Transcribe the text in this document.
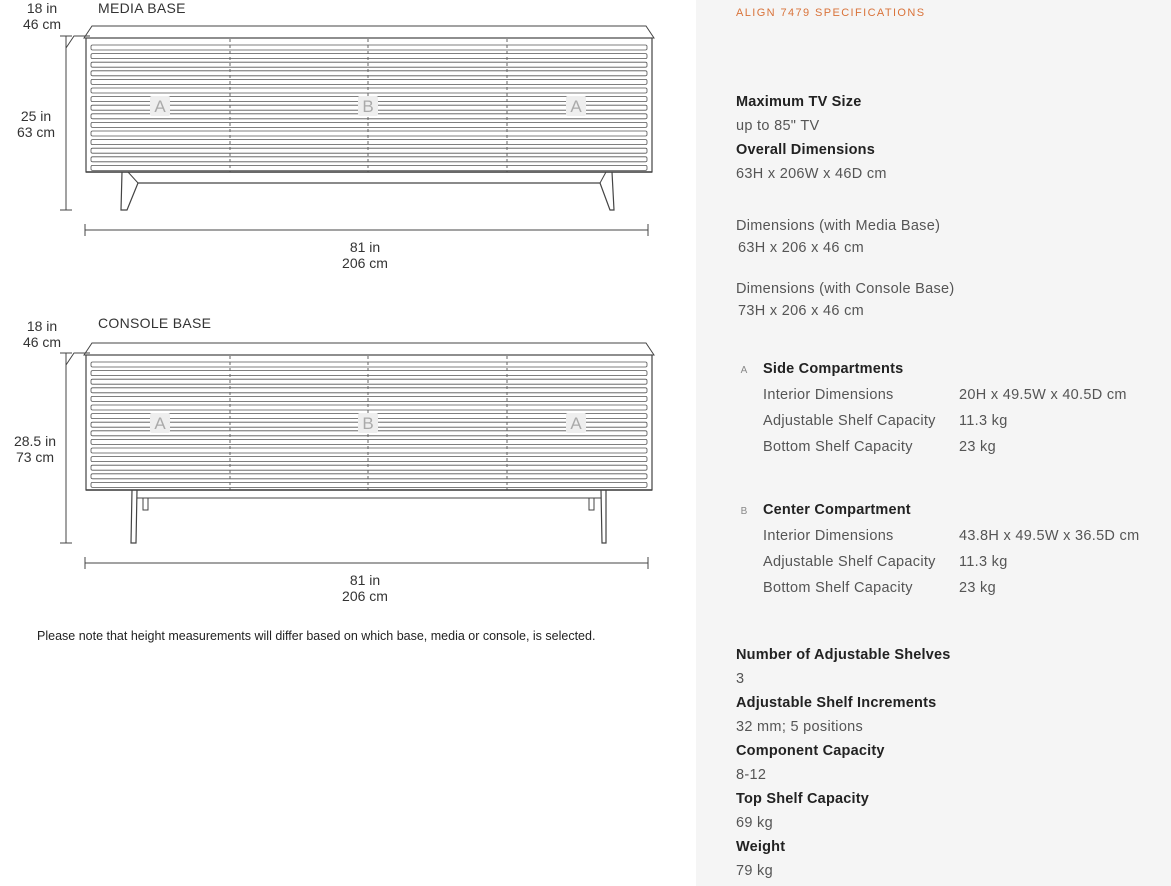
18 in
46 cm
MEDIA BASE
25 in
63 cm
81 in
206 cm
18 in
46 cm
CONSOLE BASE
28.5 in
73 cm
81 in
206 cm
A	B	A
A	B	A
Please note that height measurements will differ based on which base, media or console, is selected.
ALIGN 7479 SPECIFICATIONS
Maximum TV Size
up to 85" TV
Overall Dimensions
63H x 206W x 46D cm
Dimensions (with Media Base)
63H x 206 x 46 cm
Dimensions (with Console Base)
73H x 206 x 46 cm
A Side Compartments
Interior Dimensions	20H x 49.5W x 40.5D cm
Adjustable Shelf Capacity 11.3 kg
Bottom Shelf Capacity	23 kg
B Center Compartment
Interior Dimensions	43.8H x 49.5W x 36.5D cm
Adjustable Shelf Capacity 11.3 kg
Bottom Shelf Capacity	23 kg
Number of Adjustable Shelves
3
Adjustable Shelf Increments
32 mm; 5 positions
Component Capacity
8-12
Top Shelf Capacity
69 kg
Weight
79 kg
